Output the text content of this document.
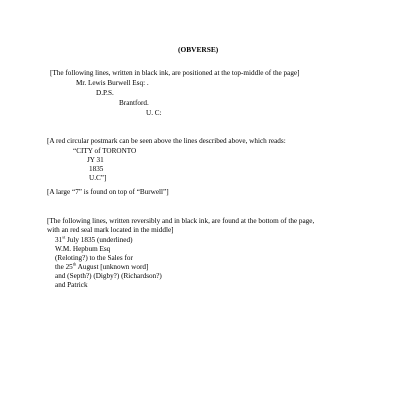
(OBVERSE)
[The following lines, written in black ink, are positioned at the top-middle of the page]
Mr. Lewis Burwell Esq: .
D.P.S.
Brantford.
U. C:
[A red circular postmark can be seen above the lines described above, which reads:
“CITY of TORONTO
JY 31
1835
U.C”]
[A large “7” is found on top of “Burwell”]
[The following lines, written reversibly and in black ink, are found at the bottom of the page,
with an red seal mark located in the middle]
31st July 1835 (underlined)
W.M. Hepbum Esq
(Reloting?) to the Sales for
the 25th August [unknown word]
and (Septh?) (Digby?) (Richardson?)
and Patrick
